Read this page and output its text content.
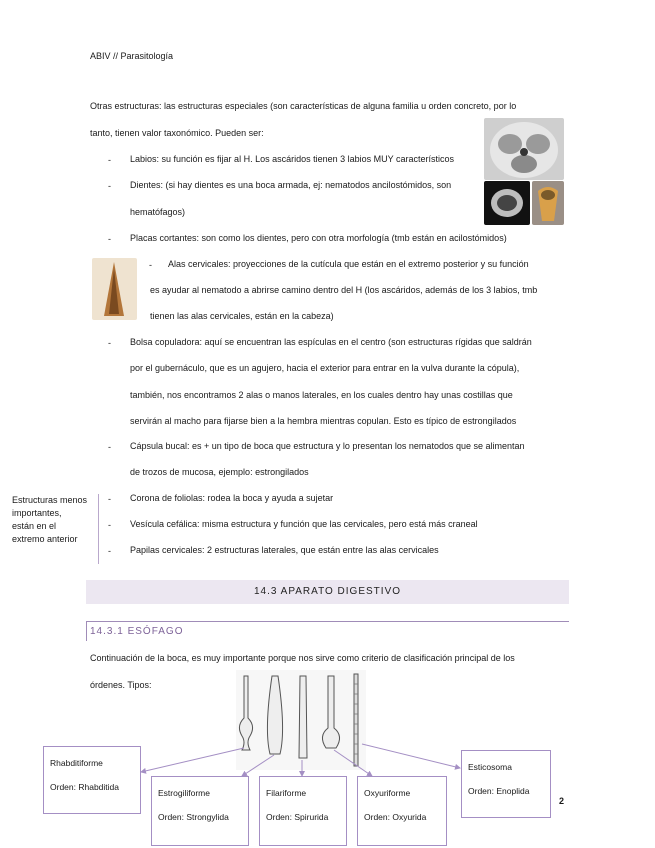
ABIV // Parasitología
Otras estructuras: las estructuras especiales (son características de alguna familia u orden concreto, por lo
tanto, tienen valor taxonómico. Pueden ser:
- Labios: su función es fijar al H. Los ascáridos tienen 3 labios MUY característicos
- Dientes: (si hay dientes es una boca armada, ej: nematodos ancilostómidos, son
hematófagos)
- Placas cortantes: son como los dientes, pero con otra morfología (tmb están en acilostómidos)
- Alas cervicales: proyecciones de la cutícula que están en el extremo posterior y su función
es ayudar al nematodo a abrirse camino dentro del H (los ascáridos, además de los 3 labios, tmb
tienen las alas cervicales, están en la cabeza)
- Bolsa copuladora: aquí se encuentran las espículas en el centro (son estructuras rígidas que saldrán
por el gubernáculo, que es un agujero, hacia el exterior para entrar en la vulva durante la cópula),
también, nos encontramos 2 alas o manos laterales, en los cuales dentro hay unas costillas que
servirán al macho para fijarse bien a la hembra mientras copulan. Esto es típico de estrongilados
- Cápsula bucal: es + un tipo de boca que estructura y lo presentan los nematodos que se alimentan
de trozos de mucosa, ejemplo: estrongilados
Estructuras menos
importantes,
están en el
extremo anterior
- Corona de foliolas: rodea la boca y ayuda a sujetar
- Vesícula cefálica: misma estructura y función que las cervicales, pero está más craneal
- Papilas cervicales: 2 estructuras laterales, que están entre las alas cervicales
14.3 APARATO DIGESTIVO
14.3.1 ESÓFAGO
Continuación de la boca, es muy importante porque nos sirve como criterio de clasificación principal de los
órdenes. Tipos:
Rhabditiforme
Orden: Rhabditida
Estrogiliforme
Orden: Strongylida
Filariforme
Orden: Spirurida
Oxyuriforme
Orden: Oxyurida
Esticosoma
Orden: Enoplida
2
